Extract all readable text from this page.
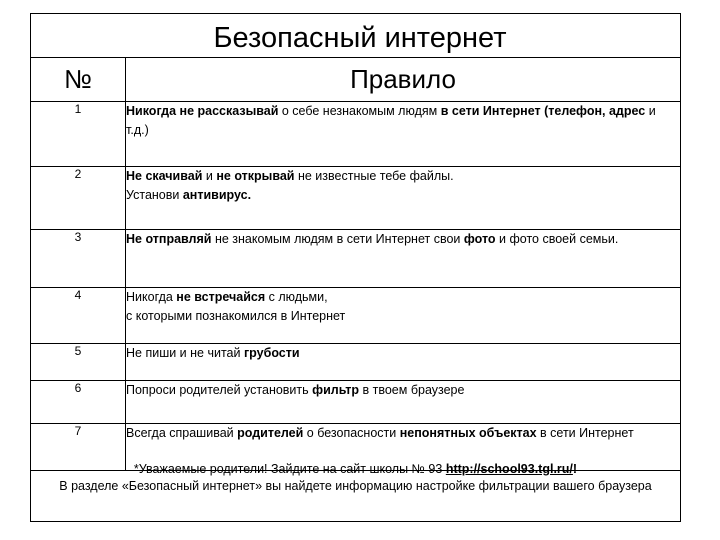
Безопасный интернет
№	Правило
1	Никогда не рассказывай о себе незнакомым людям в сети Интернет (телефон, адрес и т.д.)
2	Не скачивай и не открывай не известные тебе файлы.
Установи антивирус.
3	Не отправляй не знакомым людям в сети Интернет свои фото и фото своей семьи.
4	Никогда не встречайся с людьми,
с которыми познакомился в Интернет
5	Не пиши и не читай грубости
6	Попроси родителей установить фильтр в твоем браузере
7	Всегда спрашивай родителей о безопасности непонятных объектах в сети Интернет
*Уважаемые родители! Зайдите на сайт школы № 93 http://school93.tgl.ru/!
В разделе «Безопасный интернет» вы найдете информацию настройке фильтрации вашего браузера
